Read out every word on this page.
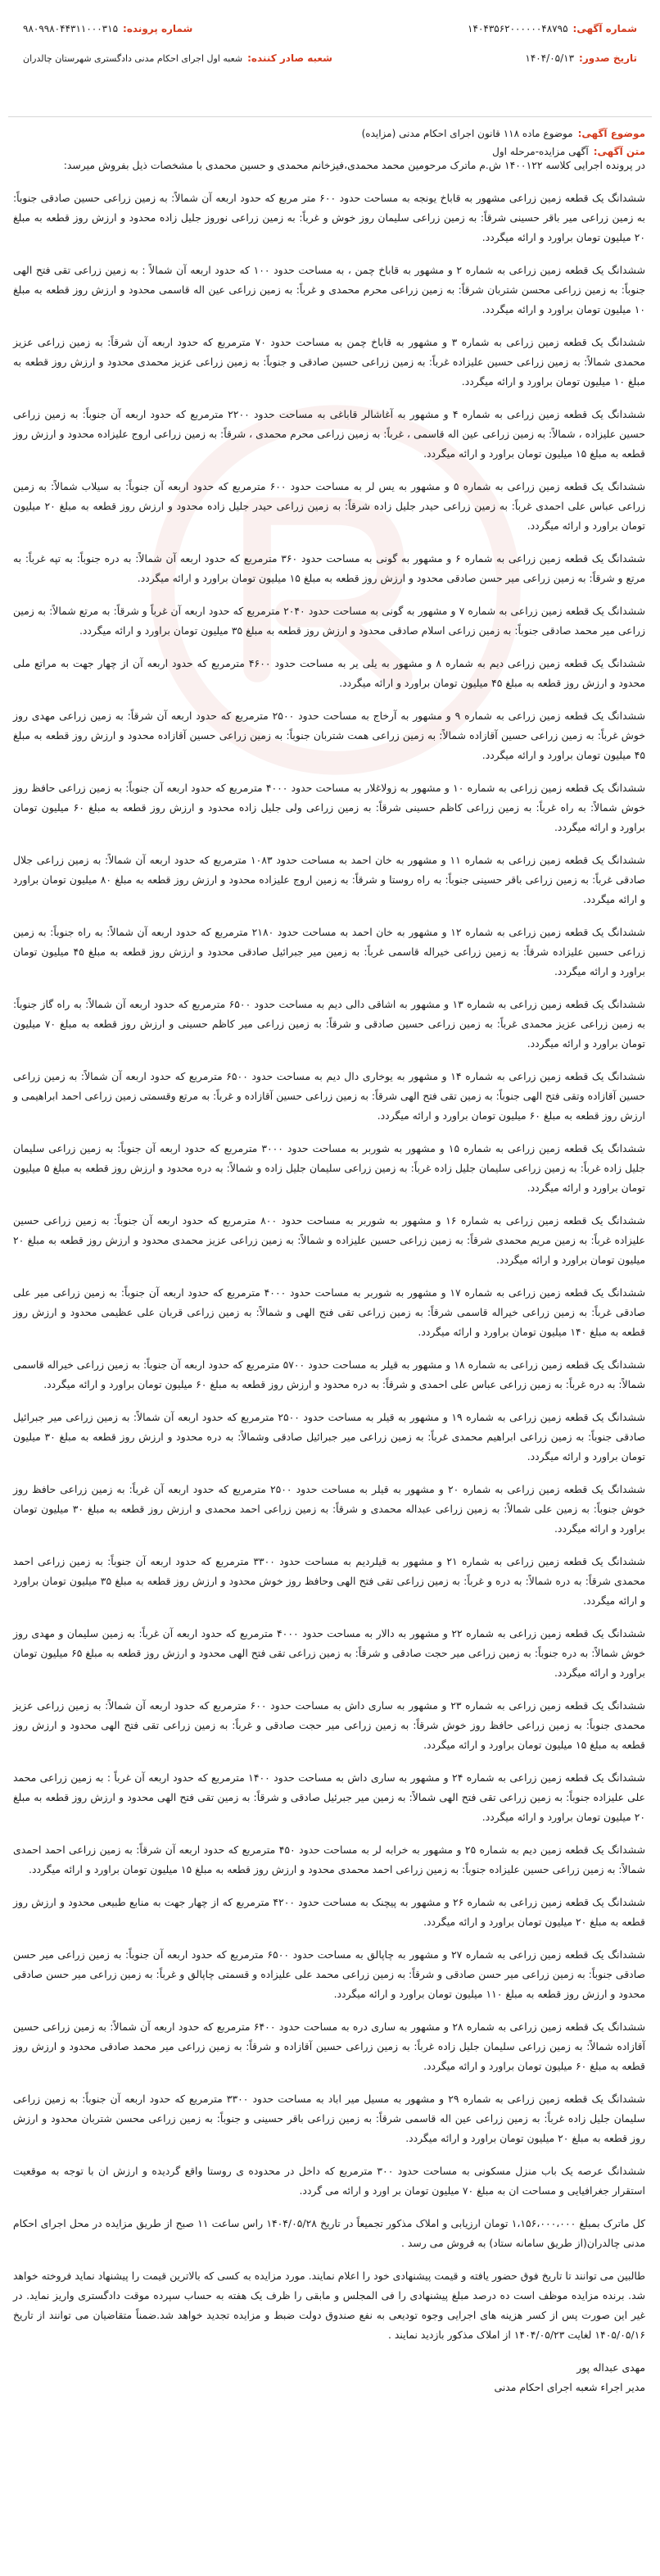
شماره آگهی:۱۴۰۴۳۵۶۲۰۰۰۰۰۰۴۸۷۹۵
شماره پرونده:۹۸۰۹۹۸۰۴۴۳۱۱۰۰۰۳۱۵
تاریخ صدور:۱۴۰۴/۰۵/۱۳
شعبه صادر کننده:شعبه اول اجرای احکام مدنی دادگستری شهرستان چالدران
موضوع آگهی:موضوع ماده ۱۱۸ قانون اجرای احکام مدنی (مزایده)
متن آگهی:آگهی مزایده-مرحله اول

در پرونده اجرایی کلاسه ۱۴۰۰۱۲۲ ش.م ماترک مرحومین محمد محمدی،فیزخانم محمدی و حسین محمدی با مشخصات ذیل بفروش میرسد:

ششدانگ یک قطعه زمین زراعی مشهور به قاباخ یونجه به مساحت حدود ۶۰۰ متر مربع که حدود اربعه آن شمالاً: به زمین زراعی حسین صادقی جنوباً: به زمین زراعی میر باقر حسینی شرقاً: به زمین زراعی سلیمان روز خوش و غرباً: به زمین زراعی نوروز جلیل زاده محدود و ارزش روز قطعه به مبلغ ۲۰ میلیون تومان براورد و ارائه میگردد.

ششدانگ یک قطعه زمین زراعی به شماره ۲ و مشهور به قاباخ چمن ، به مساحت حدود ۱۰۰ که حدود اربعه آن شمالاً : به زمین زراعی تقی فتح الهی جنوباً: به زمین زراعی محسن شتربان شرقاً: به زمین زراعی محرم محمدی و غرباً: به زمین زراعی عین اله قاسمی محدود و ارزش روز قطعه به مبلغ ۱۰ میلیون تومان براورد و ارائه میگردد.

ششدانگ یک قطعه زمین زراعی به شماره ۳ و مشهور به قاباخ چمن به مساحت حدود ۷۰ مترمربع که حدود اربعه آن شرقاً: به زمین زراعی عزیز محمدی شمالاً: به زمین زراعی حسین علیزاده غرباً: به زمین زراعی حسین صادقی و جنوباً: به زمین زراعی عزیز محمدی محدود و ارزش روز قطعه به مبلغ ۱۰ میلیون تومان براورد و ارائه میگردد.

ششدانگ یک قطعه زمین زراعی به شماره ۴ و مشهور به آغاشالر قاباغی به مساحت حدود ۲۲۰۰ مترمربع که حدود اربعه آن جنوباً: به زمین زراعی حسین علیزاده ، شمالاً: به زمین زراعی عین اله قاسمی ، غرباً: به زمین زراعی محرم محمدی ، شرقاً: به زمین زراعی اروج علیزاده محدود و ارزش روز قطعه به مبلغ ۱۵ میلیون تومان براورد و ارائه میگردد.

ششدانگ یک قطعه زمین زراعی به شماره ۵ و مشهور به یس لر به مساحت حدود ۶۰۰ مترمربع که حدود اربعه آن جنوباً: به سیلاب شمالاً: به زمین زراعی عباس علی احمدی غرباً: به زمین زراعی حیدر جلیل زاده شرقاً: به زمین زراعی حیدر جلیل زاده محدود و ارزش روز قطعه به مبلغ ۲۰ میلیون تومان براورد و ارائه میگردد.

ششدانگ یک قطعه زمین زراعی به شماره ۶ و مشهور به گونی به مساحت حدود ۳۶۰ مترمربع که حدود اربعه آن شمالاً: به دره جنوباً: به تپه غرباً: به مرتع و شرقاً: به زمین زراعی میر حسن صادقی محدود و ارزش روز قطعه به مبلغ ۱۵ میلیون تومان براورد و ارائه میگردد.

ششدانگ یک قطعه زمین زراعی به شماره ۷ و مشهور به گونی به مساحت حدود ۲۰۴۰ مترمربع که حدود اربعه آن غرباً و شرقاً: به مرتع شمالاً: به زمین زراعی میر محمد صادقی جنوباً: به زمین زراعی اسلام صادقی محدود و ارزش روز قطعه به مبلغ ۳۵ میلیون تومان براورد و ارائه میگردد.

ششدانگ یک قطعه زمین زراعی دیم به شماره ۸ و مشهور به یلی یر به مساحت حدود ۴۶۰۰ مترمربع که حدود اربعه آن از چهار جهت به مراتع ملی محدود و ارزش روز قطعه به مبلغ ۴۵ میلیون تومان براورد و ارائه میگردد.

ششدانگ یک قطعه زمین زراعی به شماره ۹ و مشهور به آرخاج به مساحت حدود ۲۵۰۰ مترمربع که حدود اربعه آن شرقاً: به زمین زراعی مهدی روز خوش غرباً: به زمین زراعی حسین آقازاده شمالاً: به زمین زراعی همت شتربان جنوباً: به زمین زراعی حسین آقازاده محدود و ارزش روز قطعه به مبلغ ۴۵ میلیون تومان براورد و ارائه میگردد.

ششدانگ یک قطعه زمین زراعی به شماره ۱۰ و مشهور به زولاغلار به مساحت حدود ۴۰۰۰ مترمربع که حدود اربعه آن جنوباً: به زمین زراعی حافظ روز خوش شمالاً: به راه غرباً: به زمین زراعی کاظم حسینی شرقاً: به زمین زراعی ولی جلیل زاده محدود و ارزش روز قطعه به مبلغ ۶۰ میلیون تومان براورد و ارائه میگردد.

ششدانگ یک قطعه زمین زراعی به شماره ۱۱ و مشهور به خان احمد به مساحت حدود ۱۰۸۳ مترمربع که حدود اربعه آن شمالاً: به زمین زراعی جلال صادقی غرباً: به زمین زراعی باقر حسینی جنوباً: به راه روستا و شرقاً: به زمین اروج علیزاده محدود و ارزش روز قطعه به مبلغ ۸۰ میلیون تومان براورد و ارائه میگردد.

ششدانگ یک قطعه زمین زراعی به شماره ۱۲ و مشهور به خان احمد به مساحت حدود ۲۱۸۰ مترمربع که حدود اربعه آن شمالاً: به راه جنوباً: به زمین زراعی حسین علیزاده شرقاً: به زمین زراعی خیراله قاسمی غرباً: به زمین میر جبرائیل صادقی محدود و ارزش روز قطعه به مبلغ ۴۵ میلیون تومان براورد و ارائه میگردد.

ششدانگ یک قطعه زمین زراعی به شماره ۱۳ و مشهور به اشاقی دالی دیم به مساحت حدود ۶۵۰۰ مترمربع که حدود اربعه آن شمالاً: به راه گاز جنوباً: به زمین زراعی عزیز محمدی غرباً: به زمین زراعی حسین صادقی و شرقاً: به زمین زراعی میر کاظم حسینی و ارزش روز قطعه به مبلغ ۷۰ میلیون تومان براورد و ارائه میگردد.

ششدانگ یک قطعه زمین زراعی به شماره ۱۴ و مشهور به یوخاری دال دیم به مساحت حدود ۶۵۰۰ مترمربع که حدود اربعه آن شمالاً: به زمین زراعی حسین آقازاده وتقی فتح الهی جنوباً: به زمین تقی فتح الهی شرقاً: به زمین زراعی حسین آقازاده و غرباً: به مرتع وقسمتی زمین زراعی احمد ابراهیمی و ارزش روز قطعه به مبلغ ۶۰ میلیون تومان براورد و ارائه میگردد.

ششدانگ یک قطعه زمین زراعی به شماره ۱۵ و مشهور به شوربر به مساحت حدود ۳۰۰۰ مترمربع که حدود اربعه آن جنوباً: به زمین زراعی سلیمان جلیل زاده غرباً: به زمین زراعی سلیمان جلیل زاده غرباً: به زمین زراعی سلیمان جلیل زاده و شمالاً: به دره محدود و ارزش روز قطعه به مبلغ ۵ میلیون تومان براورد و ارائه میگردد.

ششدانگ یک قطعه زمین زراعی به شماره ۱۶ و مشهور به شوربر به مساحت حدود ۸۰۰ مترمربع که حدود اربعه آن جنوباً: به زمین زراعی حسین علیزاده غرباً: به زمین مریم محمدی شرقاً: به زمین زراعی حسین علیزاده و شمالاً: به زمین زراعی عزیز محمدی محدود و ارزش روز قطعه به مبلغ ۲۰ میلیون تومان براورد و ارائه میگردد.

ششدانگ یک قطعه زمین زراعی به شماره ۱۷ و مشهور به شوربر به مساحت حدود ۴۰۰۰ مترمربع که حدود اربعه آن جنوباً: به زمین زراعی میر علی صادقی غرباً: به زمین زراعی خیراله قاسمی شرقاً: به زمین زراعی تقی فتح الهی و شمالاً: به زمین زراعی قربان علی عظیمی محدود و ارزش روز قطعه به مبلغ ۱۴۰ میلیون تومان براورد و ارائه میگردد.

ششدانگ یک قطعه زمین زراعی به شماره ۱۸ و مشهور به قیلر به مساحت حدود ۵۷۰۰ مترمربع که حدود اربعه آن جنوباً: به زمین زراعی خیراله قاسمی شمالاً: به دره غرباً: به زمین زراعی عباس علی احمدی و شرقاً: به دره محدود و ارزش روز قطعه به مبلغ ۶۰ میلیون تومان براورد و ارائه میگردد.

ششدانگ یک قطعه زمین زراعی به شماره ۱۹ و مشهور به قیلر به مساحت حدود ۲۵۰۰ مترمربع که حدود اربعه آن شمالاً: به زمین زراعی میر جبرائیل صادقی جنوباً: به زمین زراعی ابراهیم محمدی غرباً: به زمین زراعی میر جبرائیل صادقی وشمالاً: به دره محدود و ارزش روز قطعه به مبلغ ۳۰ میلیون تومان براورد و ارائه میگردد.

ششدانگ یک قطعه زمین زراعی به شماره ۲۰ و مشهور به قیلر به مساحت حدود ۲۵۰۰ مترمربع که حدود اربعه آن غرباً: به زمین زراعی حافظ روز خوش جنوباً: به زمین علی شمالاً: به زمین زراعی عبداله محمدی و شرقاً: به زمین زراعی احمد محمدی و ارزش روز قطعه به مبلغ ۳۰ میلیون تومان براورد و ارائه میگردد.

ششدانگ یک قطعه زمین زراعی به شماره ۲۱ و مشهور به قیلردیم به مساحت حدود ۳۳۰۰ مترمربع که حدود اربعه آن جنوباً: به زمین زراعی احمد محمدی شرقاً: به دره شمالاً: به دره و غرباً: به زمین زراعی تقی فتح الهی وحافظ روز خوش محدود و ارزش روز قطعه به مبلغ ۳۵ میلیون تومان براورد و ارائه میگردد.

ششدانگ یک قطعه زمین زراعی به شماره ۲۲ و مشهور به دالار به مساحت حدود ۴۰۰۰ مترمربع که حدود اربعه آن غرباً: به زمین سلیمان و مهدی روز خوش شمالاً: به دره جنوباً: به زمین زراعی میر حجت صادقی و شرقاً: به زمین زراعی تقی فتح الهی محدود و ارزش روز قطعه به مبلغ ۶۵ میلیون تومان براورد و ارائه میگردد.

ششدانگ یک قطعه زمین زراعی به شماره ۲۳ و مشهور به ساری داش به مساحت حدود ۶۰۰ مترمربع که حدود اربعه آن شمالاً: به زمین زراعی عزیز محمدی جنوباً: به زمین زراعی حافظ روز خوش شرقاً: به زمین زراعی میر حجت صادقی و غرباً: به زمین زراعی تقی فتح الهی محدود و ارزش روز قطعه به مبلغ ۱۵ میلیون تومان براورد و ارائه میگردد.

ششدانگ یک قطعه زمین زراعی به شماره ۲۴ و مشهور به ساری داش به مساحت حدود ۱۴۰۰ مترمربع که حدود اربعه آن غرباً : به زمین زراعی محمد علی علیزاده جنوباً: به زمین زراعی تقی فتح الهی شمالاً: به زمین میر جبرئیل صادقی و شرقاً: به زمین تقی فتح الهی محدود و ارزش روز قطعه به مبلغ ۲۰ میلیون تومان براورد و ارائه میگردد.

ششدانگ یک قطعه زمین دیم به شماره ۲۵ و مشهور به خرابه لر به مساحت حدود ۴۵۰ مترمربع که حدود اربعه آن شرقاً: به زمین زراعی احمد احمدی شمالاً: به زمین زراعی حسین علیزاده جنوباً: به زمین زراعی احمد محمدی محدود و ارزش روز قطعه به مبلغ ۱۵ میلیون تومان براورد و ارائه میگردد.

ششدانگ یک قطعه زمین زراعی به شماره ۲۶ و مشهور به پیچنک به مساحت حدود ۴۲۰۰ مترمربع که از چهار جهت به منابع طبیعی محدود و ارزش روز قطعه به مبلغ ۲۰ میلیون تومان براورد و ارائه میگردد.

ششدانگ یک قطعه زمین زراعی به شماره ۲۷ و مشهور به چاپالق به مساحت حدود ۶۵۰۰ مترمربع که حدود اربعه آن جنوباً: به زمین زراعی میر حسن صادقی جنوباً: به زمین زراعی میر حسن صادقی و شرقاً: به زمین زراعی محمد علی علیزاده و قسمتی چاپالق و غرباً: به زمین زراعی میر حسن صادقی محدود و ارزش روز قطعه به مبلغ ۱۱۰ میلیون تومان براورد و ارائه میگردد.

ششدانگ یک قطعه زمین زراعی به شماره ۲۸ و مشهور به ساری دره به مساحت حدود ۶۴۰۰ مترمربع که حدود اربعه آن شمالاً: به زمین زراعی حسین آقازاده شمالاً: به زمین زراعی سلیمان جلیل زاده غرباً: به زمین زراعی حسین آقازاده و شرقاً: به زمین زراعی میر محمد صادقی محدود و ارزش روز قطعه به مبلغ ۶۰ میلیون تومان براورد و ارائه میگردد.

ششدانگ یک قطعه زمین زراعی به شماره ۲۹ و مشهور به مسیل میر اباد به مساحت حدود ۳۳۰۰ مترمربع که حدود اربعه آن جنوباً: به زمین زراعی سلیمان جلیل زاده غرباً: به زمین زراعی عین اله قاسمی شرقاً: به زمین زراعی باقر حسینی و جنوباً: به زمین زراعی محسن شتربان محدود و ارزش روز قطعه به مبلغ ۲۰ میلیون تومان براورد و ارائه میگردد.

ششدانگ عرصه یک باب منزل مسکونی به مساحت حدود ۳۰۰ مترمربع که داخل در محدوده ی روستا واقع گردیده و ارزش ان با توجه به موقعیت استقرار جغرافیایی و مساحت ان به مبلغ ۷۰ میلیون تومان بر اورد و ارائه می گردد.

کل ماترک بمبلغ ۱،۱۵۶،۰۰۰،۰۰۰ تومان ارزیابی و املاک مذکور تجمیعاً در تاریخ ۱۴۰۴/۰۵/۲۸ راس ساعت ۱۱ صبح از طریق مزایده در محل اجرای احکام مدنی چالدران(از طریق سامانه ستاد) به فروش می رسد .

طالبین می توانند تا تاریخ فوق حضور یافته و قیمت پیشنهادی خود را اعلام نمایند. مورد مزایده به کسی که بالاترین قیمت را پیشنهاد نماید فروخته خواهد شد. برنده مزایده موظف است ده درصد مبلغ پیشنهادی را فی المجلس و مابقی را ظرف یک هفته به حساب سپرده موقت دادگستری واریز نماید. در غیر این صورت پس از کسر هزینه های اجرایی وجوه تودیعی به نفع صندوق دولت ضبط و مزایده تجدید خواهد شد.ضمناً متقاضیان می توانند از تاریخ ۱۴۰۵/۰۵/۱۶ لغایت ۱۴۰۴/۰۵/۲۳ از املاک مذکور بازدید نمایند .

مهدی عبداله پور
مدیر اجراء شعبه اجرای احکام مدنی
